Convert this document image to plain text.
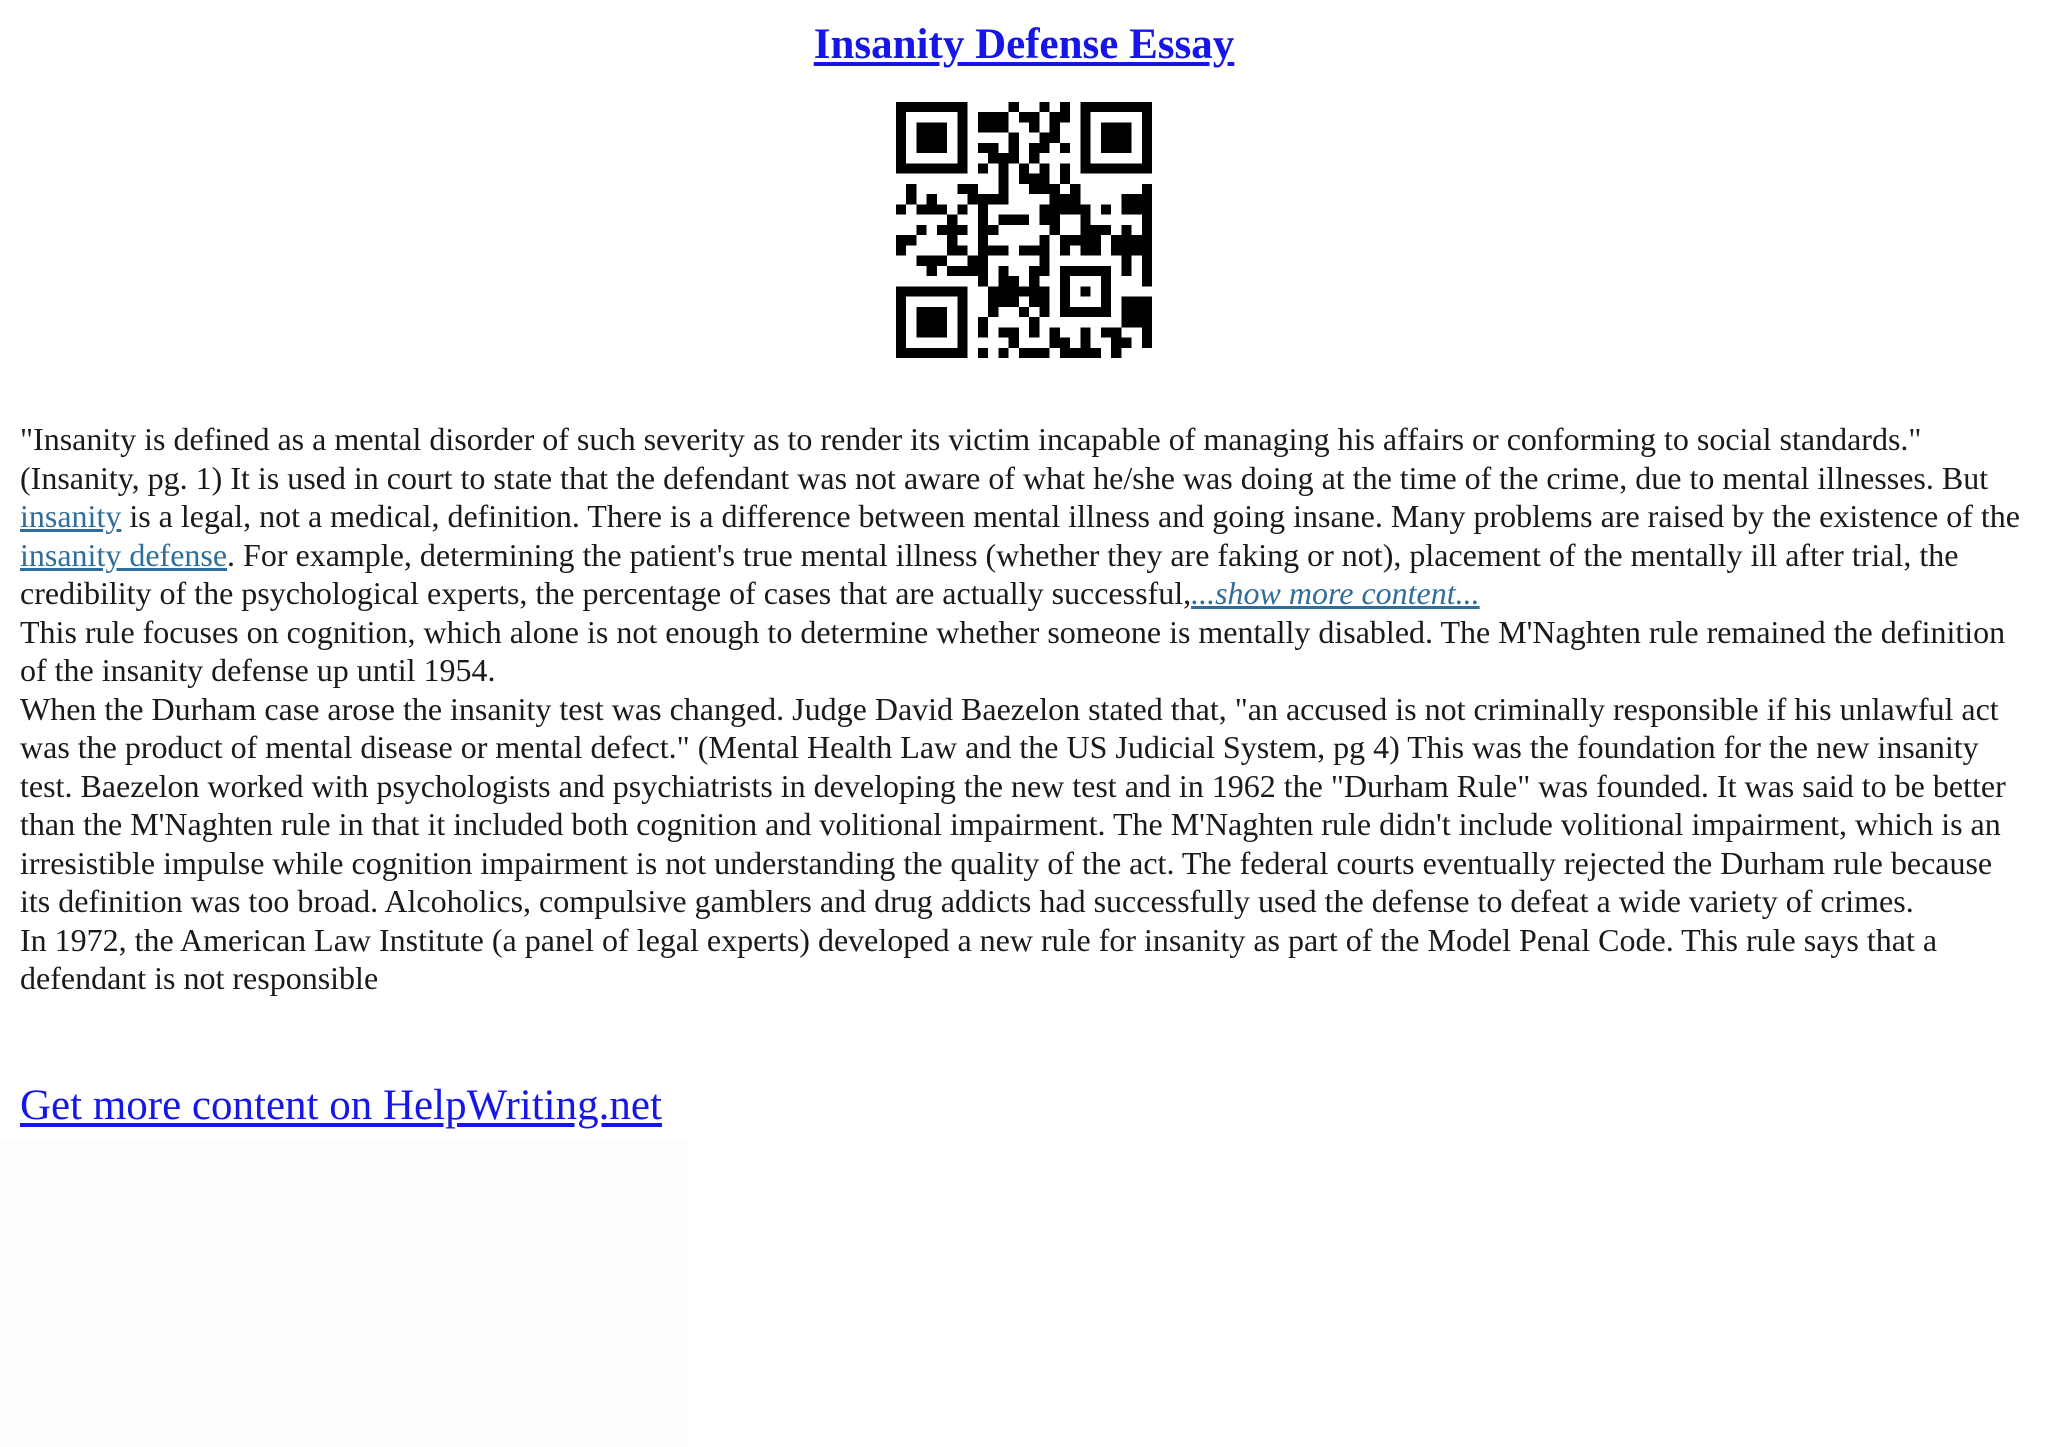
Insanity Defense Essay

"Insanity is defined as a mental disorder of such severity as to render its victim incapable of managing his affairs or conforming to social standards." (Insanity, pg. 1) It is used in court to state that the defendant was not aware of what he/she was doing at the time of the crime, due to mental illnesses. But insanity is a legal, not a medical, definition. There is a difference between mental illness and going insane. Many problems are raised by the existence of the insanity defense. For example, determining the patient's true mental illness (whether they are faking or not), placement of the mentally ill after trial, the credibility of the psychological experts, the percentage of cases that are actually successful,...show more content...

This rule focuses on cognition, which alone is not enough to determine whether someone is mentally disabled. The M'Naghten rule remained the definition of the insanity defense up until 1954.

When the Durham case arose the insanity test was changed. Judge David Baezelon stated that, "an accused is not criminally responsible if his unlawful act was the product of mental disease or mental defect." (Mental Health Law and the US Judicial System, pg 4) This was the foundation for the new insanity test. Baezelon worked with psychologists and psychiatrists in developing the new test and in 1962 the "Durham Rule" was founded. It was said to be better than the M'Naghten rule in that it included both cognition and volitional impairment. The M'Naghten rule didn't include volitional impairment, which is an irresistible impulse while cognition impairment is not understanding the quality of the act. The federal courts eventually rejected the Durham rule because its definition was too broad. Alcoholics, compulsive gamblers and drug addicts had successfully used the defense to defeat a wide variety of crimes.

In 1972, the American Law Institute (a panel of legal experts) developed a new rule for insanity as part of the Model Penal Code. This rule says that a defendant is not responsible

Get more content on HelpWriting.net
